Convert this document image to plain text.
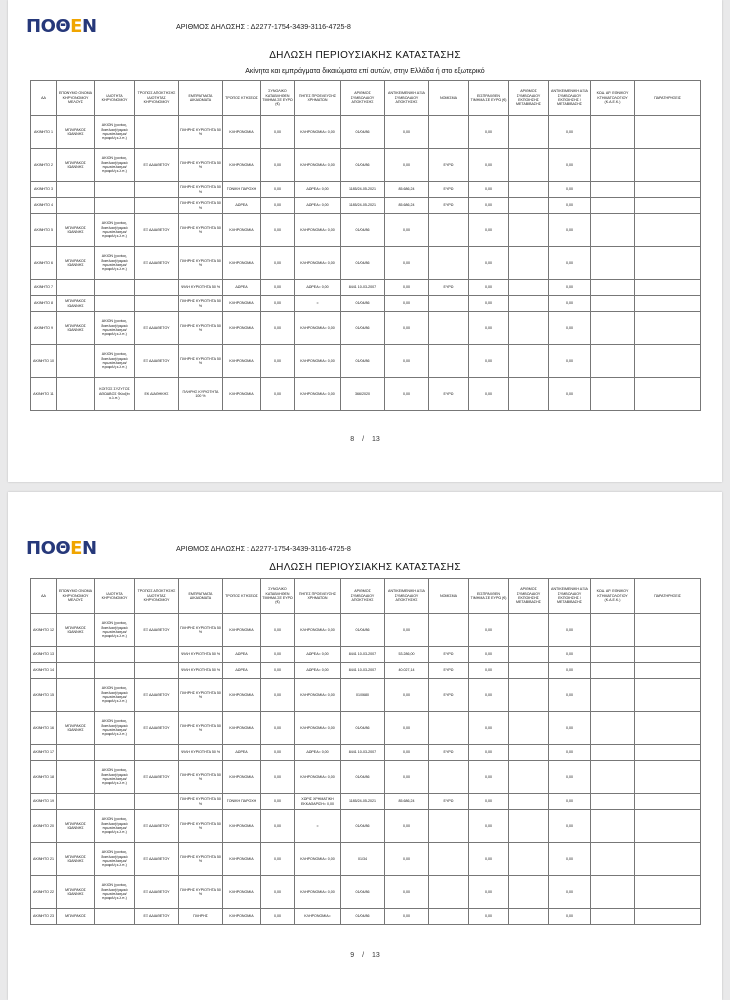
ΠΟΘΕΝ	ΑΡΙΘΜΟΣ ΔΗΛΩΣΗΣ : Δ2277-1754-3439-3116-4725-8
ΔΗΛΩΣΗ ΠΕΡΙΟΥΣΙΑΚΗΣ ΚΑΤΑΣΤΑΣΗΣ
Ακίνητα και εμπράγματα δικαιώματα επί αυτών, στην Ελλάδα ή στο εξωτερικό
ΑΑ	ΕΠΩΝΥΜΟ ΟΝΟΜΑ ΚΗΡΥΟΝΟΜΟΥ ΜΕΛΟΥΣ	ΙΔΙΟΤΗΤΑ ΚΗΡΥΟΝΟΜΟΥ	ΤΡΟΠΟΣ ΑΠΟΚΤΗΣΗΣ ΙΔΙΟΤΗΤΑΣ ΚΗΡΥΟΝΟΜΟΥ	ΕΜΠΡΑΓΜΑΤΑ ΔΙΚΑΙΩΜΑΤΑ	ΤΡΟΠΟΣ ΚΤΗΣΕΩΣ	ΣΥΝΟΛΙΚΟ ΚΑΤΑΒΛΗΘΕΝ ΤΙΜΗΜΑ ΣΕ ΕΥΡΩ (€)	ΠΗΓΕΣ ΠΡΟΕΛΕΥΣΗΣ ΧΡΗΜΑΤΩΝ	ΑΡΙΘΜΟΣ ΣΥΜΒΟΛΑΙΟΥ ΑΠΟΚΤΗΣΗΣ	ΑΝΤΙΚΕΙΜΕΝΙΚΗ ΑΞΙΑ ΣΥΜΒΟΛΑΙΟΥ ΑΠΟΚΤΗΣΗΣ	ΝΟΜΙΣΜΑ	ΕΙΣΠΡΑΧΘΕΝ ΤΙΜΗΜΑ ΣΕ ΕΥΡΩ (€)	ΑΡΙΘΜΟΣ ΣΥΜΒΟΛΑΙΟΥ ΕΚΠΟΙΗΣΗΣ ΜΕΤΑΒΙΒΑΣΗΣ	ΑΝΤΙΚΕΙΜΕΝΙΚΗ ΑΞΙΑ ΣΥΜΒΟΛΑΙΟΥ ΕΚΠΟΙΗΣΗΣ / ΜΕΤΑΒΙΒΑΣΗΣ	ΚΩΔ. ΑΡ. ΕΘΝΙΚΟΥ ΚΤΗΜΑΤΟΛΟΓΙΟΥ (Κ.Α.Ε.Κ.)	ΠΑΡΑΤΗΡΗΣΕΙΣ
ΑΚΙΝΗΤΟ 1	ΜΠΛΙΡΑΚΟΣ ΙΩΑΝΝΗΣ	ΑΚΙΟΝ (γονέας, διαπλοκή/γαμικό πρωτόπλασμα/προφιλή κ.λ.π.)		ΠΛΗΡΗΣ ΚΥΡΙΟΤΗΤΑ 50 %	ΚΛΗΡΟΝΟΜΙΑ	0,00	ΚΛΗΡΟΝΟΜΙΑ= 0,00	01/04/86	0,00		0,00		0,00		
ΑΚΙΝΗΤΟ 2	ΜΠΛΙΡΑΚΟΣ ΙΩΑΝΝΗΣ	ΑΚΙΟΝ (γονέας, διαπλοκή/γαμικό πρωτόπλασμα/προφιλή κ.λ.π.)	ΕΞ ΑΔΙΑΘΕΤΟΥ	ΠΛΗΡΗΣ ΚΥΡΙΟΤΗΤΑ 50 %	ΚΛΗΡΟΝΟΜΙΑ	0,00	ΚΛΗΡΟΝΟΜΙΑ= 0,00	01/04/86	0,00	ΕΥΡΩ	0,00		0,00		
ΑΚΙΝΗΤΟ 3				ΠΛΗΡΗΣ ΚΥΡΙΟΤΗΤΑ 50 %	ΓΟΝΙΚΗ ΠΑΡΟΧΗ	0,00	ΔΩΡΕΑ= 0,00	1185/24-05-2021	85.686,24	ΕΥΡΩ	0,00		0,00		
ΑΚΙΝΗΤΟ 4				ΠΛΗΡΗΣ ΚΥΡΙΟΤΗΤΑ 50 %	ΔΩΡΕΑ	0,00	ΔΩΡΕΑ= 0,00	1185/24-05-2021	85.686,24	ΕΥΡΩ	0,00		0,00		
ΑΚΙΝΗΤΟ 5	ΜΠΛΙΡΑΚΟΣ ΙΩΑΝΝΗΣ	ΑΚΙΟΝ (γονέας, διαπλοκή/γαμικό πρωτόπλασμα/προφιλή κ.λ.π.)	ΕΞ ΑΔΙΑΘΕΤΟΥ	ΠΛΗΡΗΣ ΚΥΡΙΟΤΗΤΑ 50 %	ΚΛΗΡΟΝΟΜΙΑ	0,00	ΚΛΗΡΟΝΟΜΙΑ= 0,00	01/04/86	0,00		0,00		0,00		
ΑΚΙΝΗΤΟ 6	ΜΠΛΙΡΑΚΟΣ ΙΩΑΝΝΗΣ	ΑΚΙΟΝ (γονέας, διαπλοκή/γαμικό πρωτόπλασμα/προφιλή κ.λ.π.)	ΕΞ ΑΔΙΑΘΕΤΟΥ	ΠΛΗΡΗΣ ΚΥΡΙΟΤΗΤΑ 50 %	ΚΛΗΡΟΝΟΜΙΑ	0,00	ΚΛΗΡΟΝΟΜΙΑ= 0,00	01/04/86	0,00		0,00		0,00		
ΑΚΙΝΗΤΟ 7				ΨΙΛΗ ΚΥΡΙΟΤΗΤΑ 50 %	ΔΩΡΕΑ	0,00	ΔΩΡΕΑ= 0,00	8441 10-03-2007	0,00	ΕΥΡΩ	0,00		0,00		
ΑΚΙΝΗΤΟ 8	ΜΠΛΙΡΑΚΟΣ ΙΩΑΝΝΗΣ			ΠΛΗΡΗΣ ΚΥΡΙΟΤΗΤΑ 50 %	ΚΛΗΡΟΝΟΜΙΑ	0,00	=	01/04/86	0,00		0,00		0,00		
ΑΚΙΝΗΤΟ 9	ΜΠΛΙΡΑΚΟΣ ΙΩΑΝΝΗΣ	ΑΚΙΟΝ (γονέας, διαπλοκή/γαμικό πρωτόπλασμα/προφιλή κ.λ.π.)	ΕΞ ΑΔΙΑΘΕΤΟΥ	ΠΛΗΡΗΣ ΚΥΡΙΟΤΗΤΑ 50 %	ΚΛΗΡΟΝΟΜΙΑ	0,00	ΚΛΗΡΟΝΟΜΙΑ= 0,00	01/04/86	0,00		0,00		0,00		
ΑΚΙΝΗΤΟ 10		ΑΚΙΟΝ (γονέας, διαπλοκή/γαμικό πρωτόπλασμα/προφιλή κ.λ.π.)	ΕΞ ΑΔΙΑΘΕΤΟΥ	ΠΛΗΡΗΣ ΚΥΡΙΟΤΗΤΑ 50 %	ΚΛΗΡΟΝΟΜΙΑ	0,00	ΚΛΗΡΟΝΟΜΙΑ= 0,00	01/04/86	0,00		0,00		0,00		
ΑΚΙΝΗΤΟ 11		ΚΟΙΤΟΣ ΣΥΖΥΓΟΣ ΑΘΩΑΒΟΣ Φιλοξέν κ.λ.π.)	ΕΚ ΔΙΑΘΗΚΗΣ	ΠΛΗΡΗΣ ΚΥΡΙΟΤΗΤΑ 100 %	ΚΛΗΡΟΝΟΜΙΑ	0,00	ΚΛΗΡΟΝΟΜΙΑ= 0,00	366/2020	0,00	ΕΥΡΩ	0,00		0,00		
8 / 13
ΠΟΘΕΝ	ΑΡΙΘΜΟΣ ΔΗΛΩΣΗΣ : Δ2277-1754-3439-3116-4725-8
ΔΗΛΩΣΗ ΠΕΡΙΟΥΣΙΑΚΗΣ ΚΑΤΑΣΤΑΣΗΣ
ΑΑ	ΕΠΩΝΥΜΟ ΟΝΟΜΑ ΚΗΡΥΟΝΟΜΟΥ ΜΕΛΟΥΣ	ΙΔΙΟΤΗΤΑ ΚΗΡΥΟΝΟΜΟΥ	ΤΡΟΠΟΣ ΑΠΟΚΤΗΣΗΣ ΙΔΙΟΤΗΤΑΣ ΚΗΡΥΟΝΟΜΟΥ	ΕΜΠΡΑΓΜΑΤΑ ΔΙΚΑΙΩΜΑΤΑ	ΤΡΟΠΟΣ ΚΤΗΣΕΩΣ	ΣΥΝΟΛΙΚΟ ΚΑΤΑΒΛΗΘΕΝ ΤΙΜΗΜΑ ΣΕ ΕΥΡΩ (€)	ΠΗΓΕΣ ΠΡΟΕΛΕΥΣΗΣ ΧΡΗΜΑΤΩΝ	ΑΡΙΘΜΟΣ ΣΥΜΒΟΛΑΙΟΥ ΑΠΟΚΤΗΣΗΣ	ΑΝΤΙΚΕΙΜΕΝΙΚΗ ΑΞΙΑ ΣΥΜΒΟΛΑΙΟΥ ΑΠΟΚΤΗΣΗΣ	ΝΟΜΙΣΜΑ	ΕΙΣΠΡΑΧΘΕΝ ΤΙΜΗΜΑ ΣΕ ΕΥΡΩ (€)	ΑΡΙΘΜΟΣ ΣΥΜΒΟΛΑΙΟΥ ΕΚΠΟΙΗΣΗΣ ΜΕΤΑΒΙΒΑΣΗΣ	ΑΝΤΙΚΕΙΜΕΝΙΚΗ ΑΞΙΑ ΣΥΜΒΟΛΑΙΟΥ ΕΚΠΟΙΗΣΗΣ / ΜΕΤΑΒΙΒΑΣΗΣ	ΚΩΔ. ΑΡ. ΕΘΝΙΚΟΥ ΚΤΗΜΑΤΟΛΟΓΙΟΥ (Κ.Α.Ε.Κ.)	ΠΑΡΑΤΗΡΗΣΕΙΣ
ΑΚΙΝΗΤΟ 12	ΜΠΛΙΡΑΚΟΣ ΙΩΑΝΝΗΣ	ΑΚΙΟΝ (γονέας, διαπλοκή/γαμικό πρωτόπλασμα/προφιλή κ.λ.π.)	ΕΞ ΑΔΙΑΘΕΤΟΥ	ΠΛΗΡΗΣ ΚΥΡΙΟΤΗΤΑ 50 %	ΚΛΗΡΟΝΟΜΙΑ	0,00	ΚΛΗΡΟΝΟΜΙΑ= 0,00	01/04/86	0,00		0,00		0,00		
ΑΚΙΝΗΤΟ 13				ΨΙΛΗ ΚΥΡΙΟΤΗΤΑ 50 %	ΔΩΡΕΑ	0,00	ΔΩΡΕΑ= 0,00	8441 10-03-2007	53.286,00	ΕΥΡΩ	0,00		0,00		
ΑΚΙΝΗΤΟ 14				ΨΙΛΗ ΚΥΡΙΟΤΗΤΑ 50 %	ΔΩΡΕΑ	0,00	ΔΩΡΕΑ= 0,00	8441 10-03-2007	40.027,14	ΕΥΡΩ	0,00		0,00		
ΑΚΙΝΗΤΟ 15		ΑΚΙΟΝ (γονέας, διαπλοκή/γαμικό πρωτόπλασμα/προφιλή κ.λ.π.)	ΕΞ ΑΔΙΑΘΕΤΟΥ	ΠΛΗΡΗΣ ΚΥΡΙΟΤΗΤΑ 50 %	ΚΛΗΡΟΝΟΜΙΑ	0,00	ΚΛΗΡΟΝΟΜΙΑ= 0,00	01/0680	0,00	ΕΥΡΩ	0,00		0,00		
ΑΚΙΝΗΤΟ 16	ΜΠΛΙΡΑΚΟΣ ΙΩΑΝΝΗΣ	ΑΚΙΟΝ (γονέας, διαπλοκή/γαμικό πρωτόπλασμα/προφιλή κ.λ.π.)	ΕΞ ΑΔΙΑΘΕΤΟΥ	ΠΛΗΡΗΣ ΚΥΡΙΟΤΗΤΑ 50 %	ΚΛΗΡΟΝΟΜΙΑ	0,00	ΚΛΗΡΟΝΟΜΙΑ= 0,00	01/04/86	0,00		0,00		0,00		
ΑΚΙΝΗΤΟ 17				ΨΙΛΗ ΚΥΡΙΟΤΗΤΑ 50 %	ΔΩΡΕΑ	0,00	ΔΩΡΕΑ= 0,00	8441 10-03-2007	0,00	ΕΥΡΩ	0,00		0,00		
ΑΚΙΝΗΤΟ 18		ΑΚΙΟΝ (γονέας, διαπλοκή/γαμικό πρωτόπλασμα/προφιλή κ.λ.π.)	ΕΞ ΑΔΙΑΘΕΤΟΥ	ΠΛΗΡΗΣ ΚΥΡΙΟΤΗΤΑ 50 %	ΚΛΗΡΟΝΟΜΙΑ	0,00	ΚΛΗΡΟΝΟΜΙΑ= 0,00	01/04/86	0,00		0,00		0,00		
ΑΚΙΝΗΤΟ 19				ΠΛΗΡΗΣ ΚΥΡΙΟΤΗΤΑ 50 %	ΓΟΝΙΚΗ ΠΑΡΟΧΗ	0,00	ΧΩΡΙΣ ΧΡΗΜΑΤΙΚΗ ΕΚΚΑΘΑΡΙΣΗ= 0,00	1185/24-05-2021	85.686,24	ΕΥΡΩ	0,00		0,00		
ΑΚΙΝΗΤΟ 20	ΜΠΛΙΡΑΚΟΣ ΙΩΑΝΝΗΣ	ΑΚΙΟΝ (γονέας, διαπλοκή/γαμικό πρωτόπλασμα/προφιλή κ.λ.π.)	ΕΞ ΑΔΙΑΘΕΤΟΥ	ΠΛΗΡΗΣ ΚΥΡΙΟΤΗΤΑ 50 %	ΚΛΗΡΟΝΟΜΙΑ	0,00	=	01/04/86	0,00		0,00		0,00		
ΑΚΙΝΗΤΟ 21	ΜΠΛΙΡΑΚΟΣ ΙΩΑΝΝΗΣ	ΑΚΙΟΝ (γονέας, διαπλοκή/γαμικό πρωτόπλασμα/προφιλή κ.λ.π.)	ΕΞ ΑΔΙΑΘΕΤΟΥ	ΠΛΗΡΗΣ ΚΥΡΙΟΤΗΤΑ 50 %	ΚΛΗΡΟΝΟΜΙΑ	0,00	ΚΛΗΡΟΝΟΜΙΑ= 0,00	01/34	0,00		0,00		0,00		
ΑΚΙΝΗΤΟ 22	ΜΠΛΙΡΑΚΟΣ ΙΩΑΝΝΗΣ	ΑΚΙΟΝ (γονέας, διαπλοκή/γαμικό πρωτόπλασμα/προφιλή κ.λ.π.)	ΕΞ ΑΔΙΑΘΕΤΟΥ	ΠΛΗΡΗΣ ΚΥΡΙΟΤΗΤΑ 50 %	ΚΛΗΡΟΝΟΜΙΑ	0,00	ΚΛΗΡΟΝΟΜΙΑ= 0,00	01/04/86	0,00		0,00		0,00		
ΑΚΙΝΗΤΟ 23	ΜΠΛΙΡΑΚΟΣ		ΕΞ ΑΔΙΑΘΕΤΟΥ	ΠΛΗΡΗΣ	ΚΛΗΡΟΝΟΜΙΑ	0,00	ΚΛΗΡΟΝΟΜΙΑ=	01/04/86	0,00		0,00		0,00		
9 / 13
